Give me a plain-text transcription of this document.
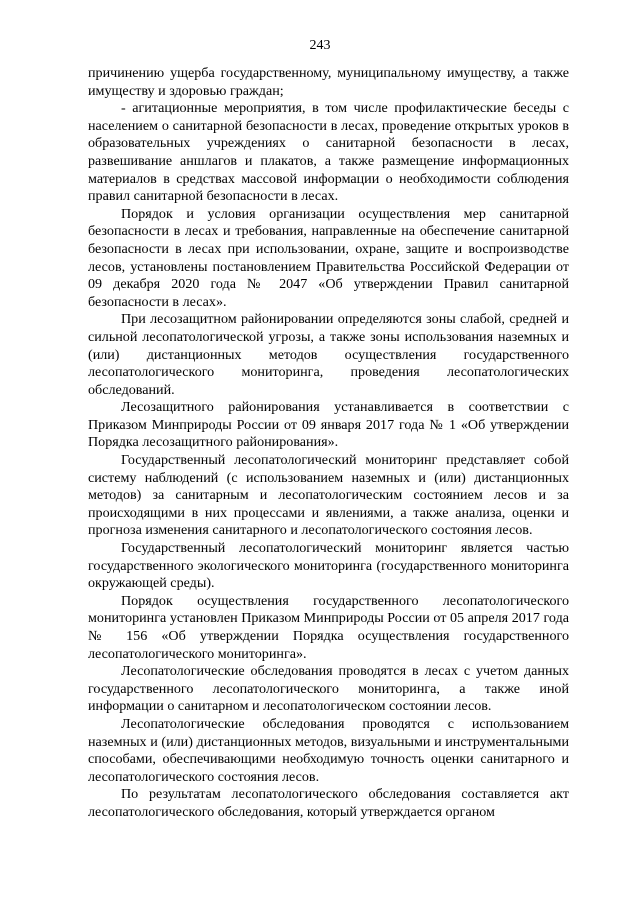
243

причинению ущерба государственному, муниципальному имуществу, а также имуществу и здоровью граждан;

- агитационные мероприятия, в том числе профилактические беседы с населением о санитарной безопасности в лесах, проведение открытых уроков в образовательных учреждениях о санитарной безопасности в лесах, развешивание аншлагов и плакатов, а также размещение информационных материалов в средствах массовой информации о необходимости соблюдения правил санитарной безопасности в лесах.

Порядок и условия организации осуществления мер санитарной безопасности в лесах и требования, направленные на обеспечение санитарной безопасности в лесах при использовании, охране, защите и воспроизводстве лесов, установлены постановлением Правительства Российской Федерации от 09 декабря 2020 года № 2047 «Об утверждении Правил санитарной безопасности в лесах».

При лесозащитном районировании определяются зоны слабой, средней и сильной лесопатологической угрозы, а также зоны использования наземных и (или) дистанционных методов осуществления государственного лесопатологического мониторинга, проведения лесопатологических обследований.

Лесозащитного районирования устанавливается в соответствии с Приказом Минприроды России от 09 января 2017 года № 1 «Об утверждении Порядка лесозащитного районирования».

Государственный лесопатологический мониторинг представляет собой систему наблюдений (с использованием наземных и (или) дистанционных методов) за санитарным и лесопатологическим состоянием лесов и за происходящими в них процессами и явлениями, а также анализа, оценки и прогноза изменения санитарного и лесопатологического состояния лесов.

Государственный лесопатологический мониторинг является частью государственного экологического мониторинга (государственного мониторинга окружающей среды).

Порядок осуществления государственного лесопатологического мониторинга установлен Приказом Минприроды России от 05 апреля 2017 года № 156 «Об утверждении Порядка осуществления государственного лесопатологического мониторинга».

Лесопатологические обследования проводятся в лесах с учетом данных государственного лесопатологического мониторинга, а также иной информации о санитарном и лесопатологическом состоянии лесов.

Лесопатологические обследования проводятся с использованием наземных и (или) дистанционных методов, визуальными и инструментальными способами, обеспечивающими необходимую точность оценки санитарного и лесопатологического состояния лесов.

По результатам лесопатологического обследования составляется акт лесопатологического обследования, который утверждается органом
